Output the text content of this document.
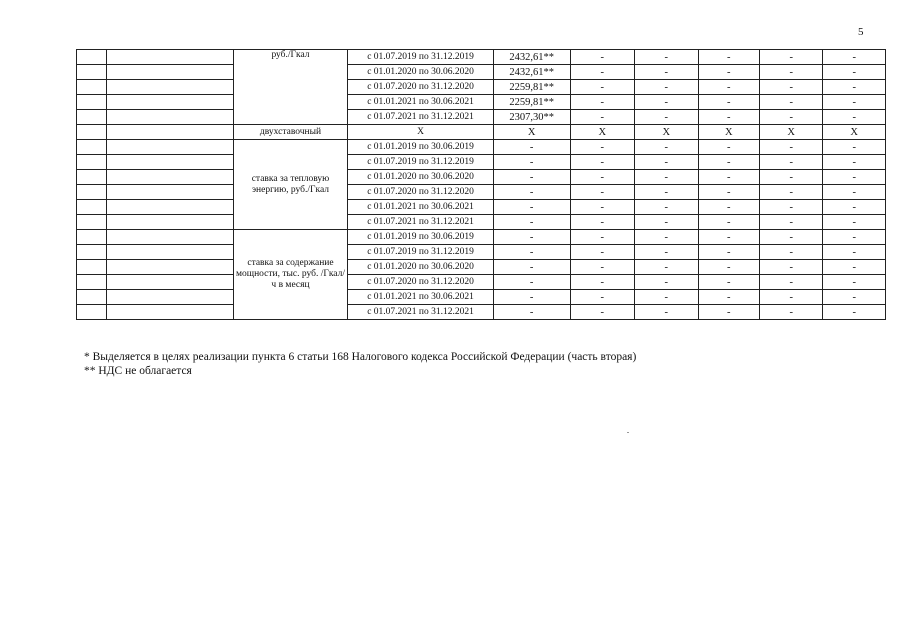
5
		руб./Гкал	с 01.07.2019 по 31.12.2019	2432,61**	-	-	-	-	-
			с 01.01.2020 по 30.06.2020	2432,61**	-	-	-	-	-
			с 01.07.2020 по 31.12.2020	2259,81**	-	-	-	-	-
			с 01.01.2021 по 30.06.2021	2259,81**	-	-	-	-	-
			с 01.07.2021 по 31.12.2021	2307,30**	-	-	-	-	-
		двухставочный	X	X	X	X	X	X	X
		ставка за тепловую энергию, руб./Гкал	с 01.01.2019 по 30.06.2019	-	-	-	-	-	-
			с 01.07.2019 по 31.12.2019	-	-	-	-	-	-
			с 01.01.2020 по 30.06.2020	-	-	-	-	-	-
			с 01.07.2020 по 31.12.2020	-	-	-	-	-	-
			с 01.01.2021 по 30.06.2021	-	-	-	-	-	-
			с 01.07.2021 по 31.12.2021	-	-	-	-	-	-
		ставка за содержание мощности, тыс. руб. /Гкал/ч в месяц	с 01.01.2019 по 30.06.2019	-	-	-	-	-	-
			с 01.07.2019 по 31.12.2019	-	-	-	-	-	-
			с 01.01.2020 по 30.06.2020	-	-	-	-	-	-
			с 01.07.2020 по 31.12.2020	-	-	-	-	-	-
			с 01.01.2021 по 30.06.2021	-	-	-	-	-	-
			с 01.07.2021 по 31.12.2021	-	-	-	-	-	-
* Выделяется в целях реализации пункта 6 статьи 168 Налогового кодекса Российской Федерации (часть вторая)
** НДС не облагается
